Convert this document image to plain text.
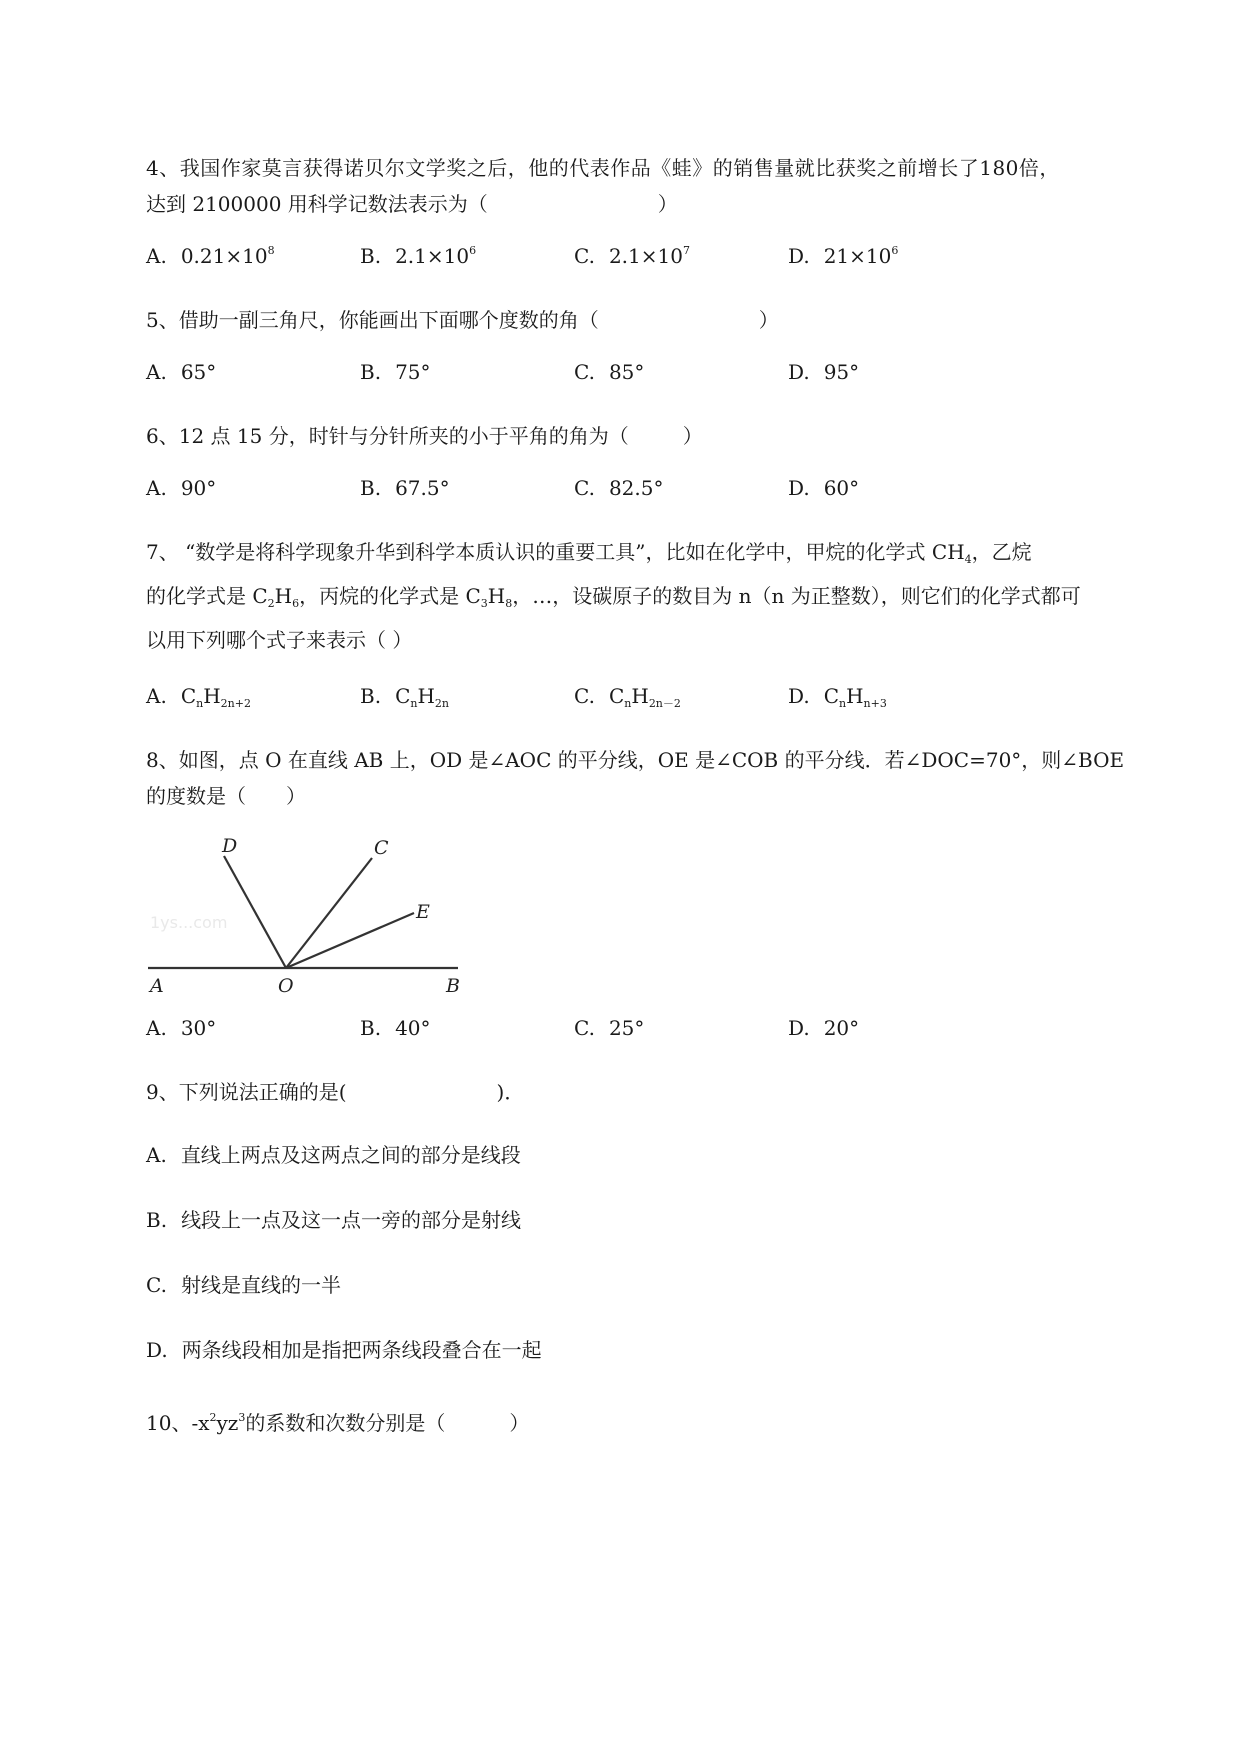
4、我国作家莫言获得诺贝尔文学奖之后，他的代表作品《蛙》的销售量就比获奖之前增长了180倍，

达到 2100000 用科学记数法表示为（	）

A. $0.21\times 10^8$	B. $2.1\times 10^6$	C. $2.1\times 10^7$	D. $21\times 10^6$

5、借助一副三角尺，你能画出下面哪个度数的角（	）

A. 65°	B. 75°	C. 85°	D. 95°

6、12 点 15 分，时针与分针所夹的小于平角的角为（	）

A. 90°	B. 67.5°	C. 82.5°	D. 60°

7、 “数学是将科学现象升华到科学本质认识的重要工具”，比如在化学中，甲烷的化学式 $CH_4$，乙烷

的化学式是 $C_2H_6$，丙烷的化学式是 $C_3H_8$，…，设碳原子的数目为 n（n 为正整数），则它们的化学式都可

以用下列哪个式子来表示（ ）

A. $C_nH_{2n+2}$	B. $C_nH_{2n}$	C. $C_nH_{2n-2}$	D. $C_nH_{n+3}$

8、如图，点 O 在直线 AB 上，OD 是∠AOC 的平分线，OE 是∠COB 的平分线．若∠DOC=70°，则∠BOE

的度数是（　　）

1ys...com
A	O	B
D	C
E
A. 30°	B. 40°	C. 25°	D. 20°

9、下列说法正确的是(	)．

A. 直线上两点及这两点之间的部分是线段

B. 线段上一点及这一点一旁的部分是射线

C. 射线是直线的一半

D. 两条线段相加是指把两条线段叠合在一起

10、$-x^2yz^3$的系数和次数分别是（	）
